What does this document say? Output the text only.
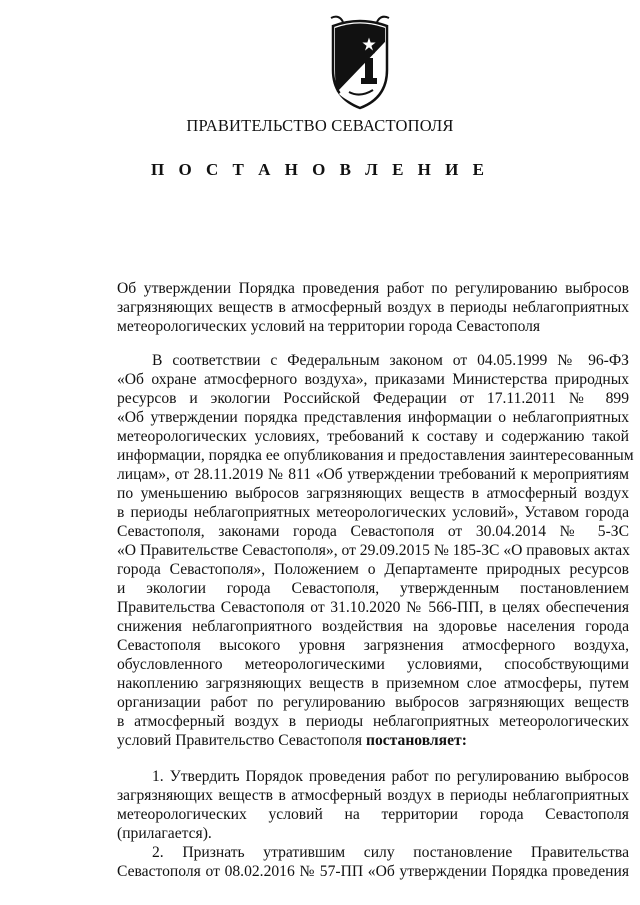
ПРАВИТЕЛЬСТВО СЕВАСТОПОЛЯ
П О С Т А Н О В Л Е Н И Е
Об утверждении Порядка проведения работ по регулированию выбросов
загрязняющих веществ в атмосферный воздух в периоды неблагоприятных
метеорологических условий на территории города Севастополя
В соответствии с Федеральным законом от 04.05.1999 № 96-ФЗ
«Об охране атмосферного воздуха», приказами Министерства природных
ресурсов и экологии Российской Федерации от 17.11.2011 № 899
«Об утверждении порядка представления информации о неблагоприятных
метеорологических условиях, требований к составу и содержанию такой
информации, порядка ее опубликования и предоставления заинтересованным
лицам», от 28.11.2019 № 811 «Об утверждении требований к мероприятиям
по уменьшению выбросов загрязняющих веществ в атмосферный воздух
в периоды неблагоприятных метеорологических условий», Уставом города
Севастополя, законами города Севастополя от 30.04.2014 № 5-ЗС
«О Правительстве Севастополя», от 29.09.2015 № 185-ЗС «О правовых актах
города Севастополя», Положением о Департаменте природных ресурсов
и экологии города Севастополя, утвержденным постановлением
Правительства Севастополя от 31.10.2020 № 566-ПП, в целях обеспечения
снижения неблагоприятного воздействия на здоровье населения города
Севастополя высокого уровня загрязнения атмосферного воздуха,
обусловленного метеорологическими условиями, способствующими
накоплению загрязняющих веществ в приземном слое атмосферы, путем
организации работ по регулированию выбросов загрязняющих веществ
в атмосферный воздух в периоды неблагоприятных метеорологических
условий Правительство Севастополя постановляет:
1. Утвердить Порядок проведения работ по регулированию выбросов
загрязняющих веществ в атмосферный воздух в периоды неблагоприятных
метеорологических условий на территории города Севастополя
(прилагается).
2. Признать утратившим силу постановление Правительства
Севастополя от 08.02.2016 № 57-ПП «Об утверждении Порядка проведения
